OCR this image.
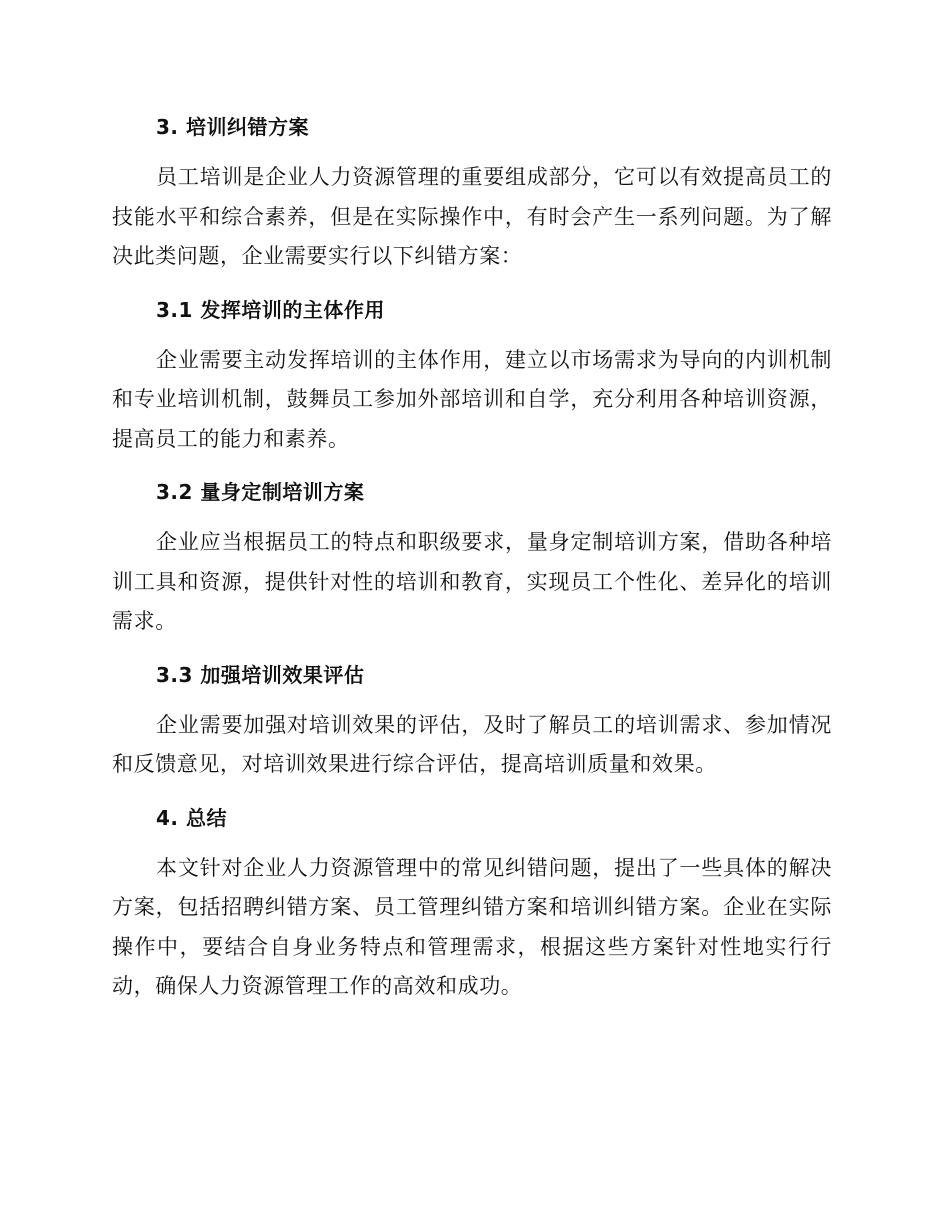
3. 培训纠错方案

员工培训是企业人力资源管理的重要组成部分，它可以有效提高员工的技能水平和综合素养，但是在实际操作中，有时会产生一系列问题。为了解决此类问题，企业需要实行以下纠错方案：

3.1 发挥培训的主体作用

企业需要主动发挥培训的主体作用，建立以市场需求为导向的内训机制和专业培训机制，鼓舞员工参加外部培训和自学，充分利用各种培训资源，提高员工的能力和素养。

3.2 量身定制培训方案

企业应当根据员工的特点和职级要求，量身定制培训方案，借助各种培训工具和资源，提供针对性的培训和教育，实现员工个性化、差异化的培训需求。

3.3 加强培训效果评估

企业需要加强对培训效果的评估，及时了解员工的培训需求、参加情况和反馈意见，对培训效果进行综合评估，提高培训质量和效果。

4. 总结

本文针对企业人力资源管理中的常见纠错问题，提出了一些具体的解决方案，包括招聘纠错方案、员工管理纠错方案和培训纠错方案。企业在实际操作中，要结合自身业务特点和管理需求，根据这些方案针对性地实行行动，确保人力资源管理工作的高效和成功。
